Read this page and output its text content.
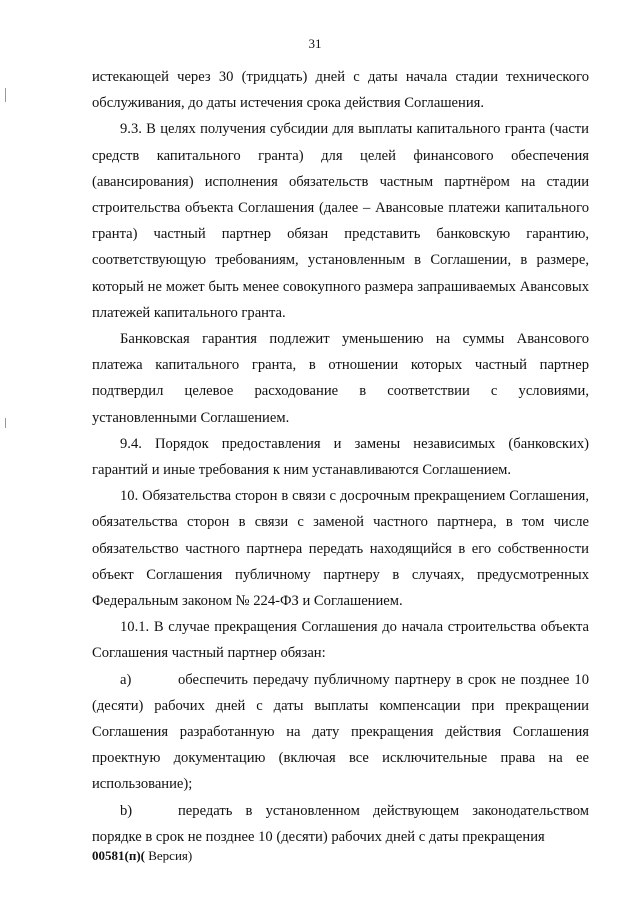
31

истекающей через 30 (тридцать) дней с даты начала стадии технического обслуживания, до даты истечения срока действия Соглашения.

9.3. В целях получения субсидии для выплаты капитального гранта (части средств капитального гранта) для целей финансового обеспечения (авансирования) исполнения обязательств частным партнёром на стадии строительства объекта Соглашения (далее – Авансовые платежи капитального гранта) частный партнер обязан представить банковскую гарантию, соответствующую требованиям, установленным в Соглашении, в размере, который не может быть менее совокупного размера запрашиваемых Авансовых платежей капитального гранта.

Банковская гарантия подлежит уменьшению на суммы Авансового платежа капитального гранта, в отношении которых частный партнер подтвердил целевое расходование в соответствии с условиями, установленными Соглашением.

9.4. Порядок предоставления и замены независимых (банковских) гарантий и иные требования к ним устанавливаются Соглашением.

10. Обязательства сторон в связи с досрочным прекращением Соглашения, обязательства сторон в связи с заменой частного партнера, в том числе обязательство частного партнера передать находящийся в его собственности объект Соглашения публичному партнеру в случаях, предусмотренных Федеральным законом № 224-ФЗ и Соглашением.

10.1. В случае прекращения Соглашения до начала строительства объекта Соглашения частный партнер обязан:

а)	обеспечить передачу публичному партнеру в срок не позднее 10 (десяти) рабочих дней с даты выплаты компенсации при прекращении Соглашения разработанную на дату прекращения действия Соглашения проектную документацию (включая все исключительные права на ее использование);

b)	передать в установленном действующем законодательством порядке в срок не позднее 10 (десяти) рабочих дней с даты прекращения

00581(п)( Версия)
